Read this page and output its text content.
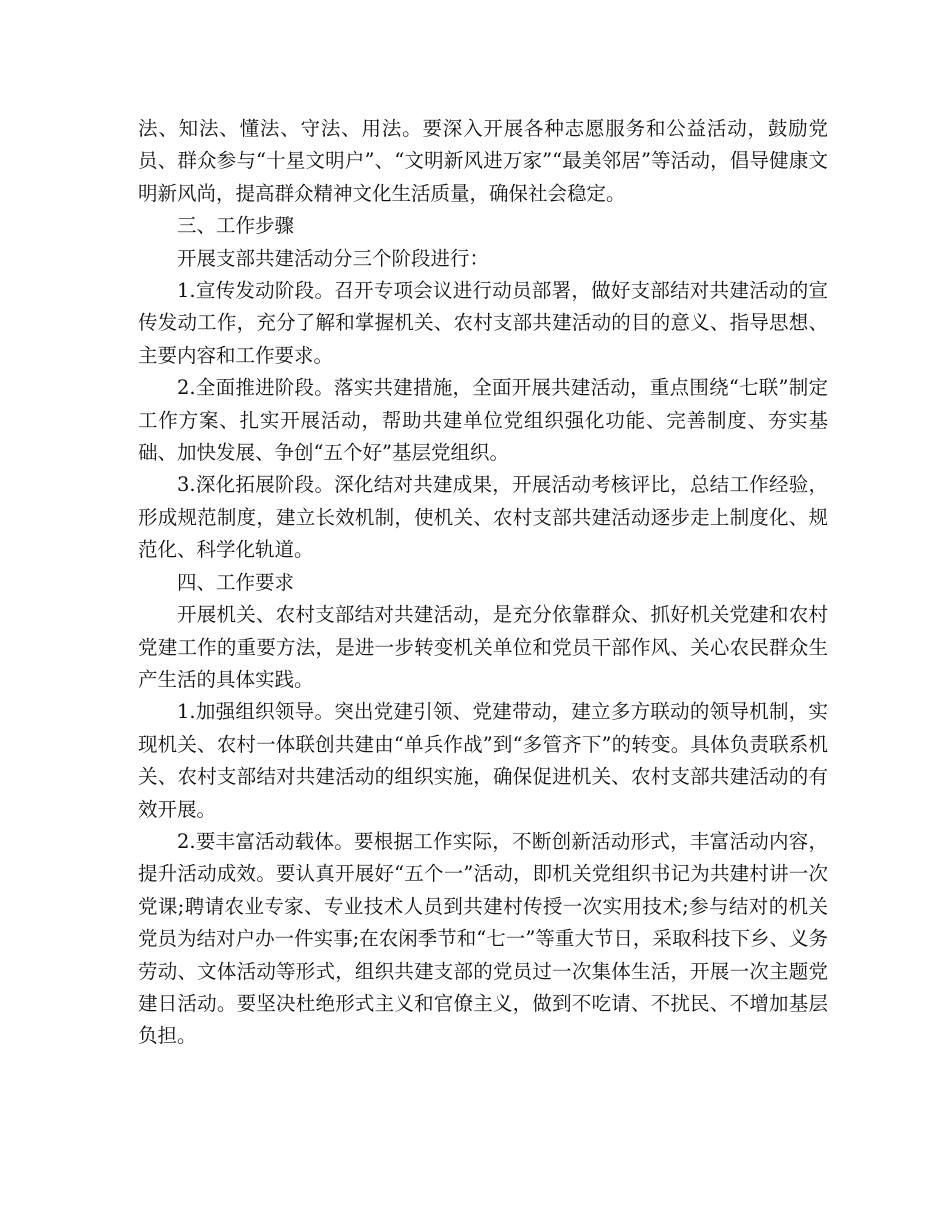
法、知法、懂法、守法、用法。要深入开展各种志愿服务和公益活动，鼓励党员、群众参与“十星文明户”、“文明新风进万家”“最美邻居”等活动，倡导健康文明新风尚，提高群众精神文化生活质量，确保社会稳定。

三、工作步骤

开展支部共建活动分三个阶段进行：

1.宣传发动阶段。召开专项会议进行动员部署，做好支部结对共建活动的宣传发动工作，充分了解和掌握机关、农村支部共建活动的目的意义、指导思想、主要内容和工作要求。

2.全面推进阶段。落实共建措施，全面开展共建活动，重点围绕“七联”制定工作方案、扎实开展活动，帮助共建单位党组织强化功能、完善制度、夯实基础、加快发展、争创“五个好”基层党组织。

3.深化拓展阶段。深化结对共建成果，开展活动考核评比，总结工作经验，形成规范制度，建立长效机制，使机关、农村支部共建活动逐步走上制度化、规范化、科学化轨道。

四、工作要求

开展机关、农村支部结对共建活动，是充分依靠群众、抓好机关党建和农村党建工作的重要方法，是进一步转变机关单位和党员干部作风、关心农民群众生产生活的具体实践。

1.加强组织领导。突出党建引领、党建带动，建立多方联动的领导机制，实现机关、农村一体联创共建由“单兵作战”到“多管齐下”的转变。具体负责联系机关、农村支部结对共建活动的组织实施，确保促进机关、农村支部共建活动的有效开展。

2.要丰富活动载体。要根据工作实际，不断创新活动形式，丰富活动内容，提升活动成效。要认真开展好“五个一”活动，即机关党组织书记为共建村讲一次党课;聘请农业专家、专业技术人员到共建村传授一次实用技术;参与结对的机关党员为结对户办一件实事;在农闲季节和“七一”等重大节日，采取科技下乡、义务劳动、文体活动等形式，组织共建支部的党员过一次集体生活，开展一次主题党建日活动。要坚决杜绝形式主义和官僚主义，做到不吃请、不扰民、不增加基层负担。
